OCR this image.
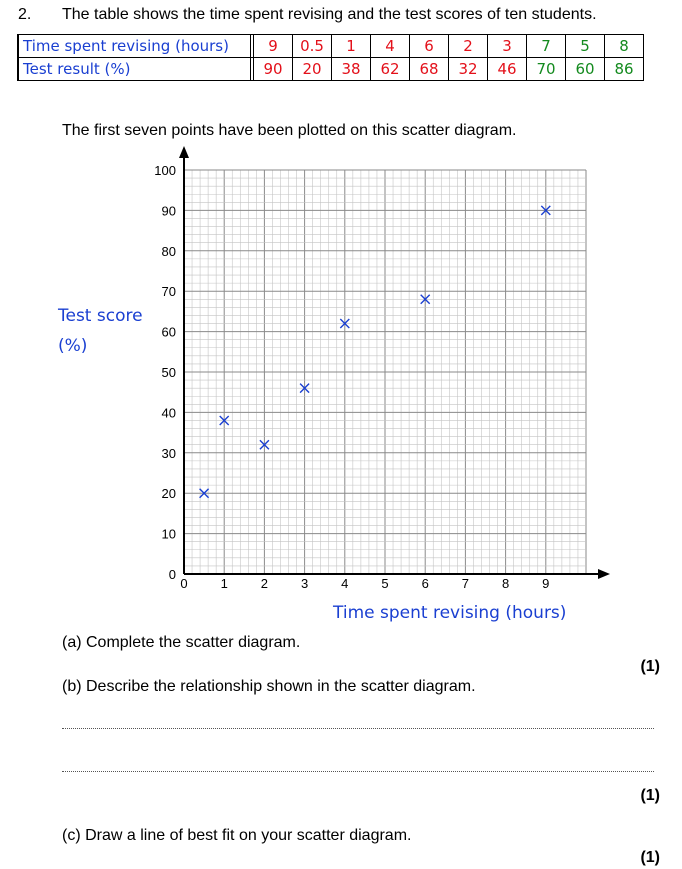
2. The table shows the time spent revising and the test scores of ten students.
Time spent revising (hours)		9	0.5	1	4	6	2	3	7	5	8
Test result (%)		90	20	38	62	68	32	46	70	60	86
The first seven points have been plotted on this scatter diagram.
0
10
20
30
40
50
60
70
80
90
100
0	1	2	3	4	5	6	7	8	9
Test score
(%)
Time spent revising (hours)
(a) Complete the scatter diagram.
(1)
(b) Describe the relationship shown in the scatter diagram.
(1)
(c) Draw a line of best fit on your scatter diagram.
(1)
